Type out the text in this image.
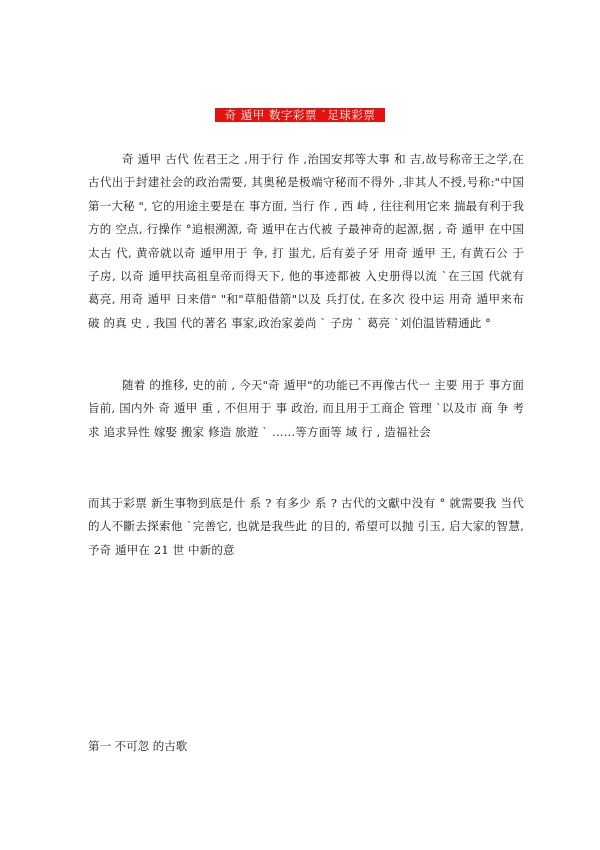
奇 遁甲 数字彩票 `足球彩票

奇 遁甲 古代 佐君王之 ,用于行 作 ,治国安邦等大事 和 吉,故号称帝王之学,在古代出于封建社会的政治需要, 其奥秘是极端守秘而不得外 ,非其人不授,号称:"中国第一大秘 ", 它的用途主要是在 事方面, 当行 作 , 西 峙 , 往往利用它来 揣最有利于我方的 空点, 行操作 °追根溯源, 奇 遁甲在古代被 子最神奇的起源,据 , 奇 遁甲 在中国太古 代, 黄帝就以奇 遁甲用于 争, 打 蚩尤, 后有姜子牙 用奇 遁甲 王, 有黄石公 于 子房, 以奇 遁甲扶高祖皇帝而得天下, 他的事迹都被 入史册得以流 `在三国 代就有 葛亮, 用奇 遁甲 日来借" "和"草船借箭"以及 兵打仗, 在多次 役中运 用奇 遁甲来布 破 的真 史 , 我国 代的著名 事家,政治家姜尚 ` 子房 ` 葛亮 `刘伯温皆精通此 °

随着 的推移, 史的前 , 今天"奇 遁甲"的功能已不再像古代一 主要 用于 事方面 旨前, 国内外 奇 遁甲 重 , 不但用于 事 政治, 而且用于工商企 管理 `以及市 商 争 考 求 追求异性 嫁娶 搬家 修造 旅遊 ` ……等方面等 域 行 , 造福社会

而其于彩票 新生事物到底是什 系 ? 有多少 系 ? 古代的文獻中没有 ° 就需要我 当代的人不斷去探索他 `完善它, 也就是我些此 的目的, 希望可以抛 引玉, 启大家的智慧, 予奇 遁甲在 21 世 中新的意

第一 不可忽 的古歌
